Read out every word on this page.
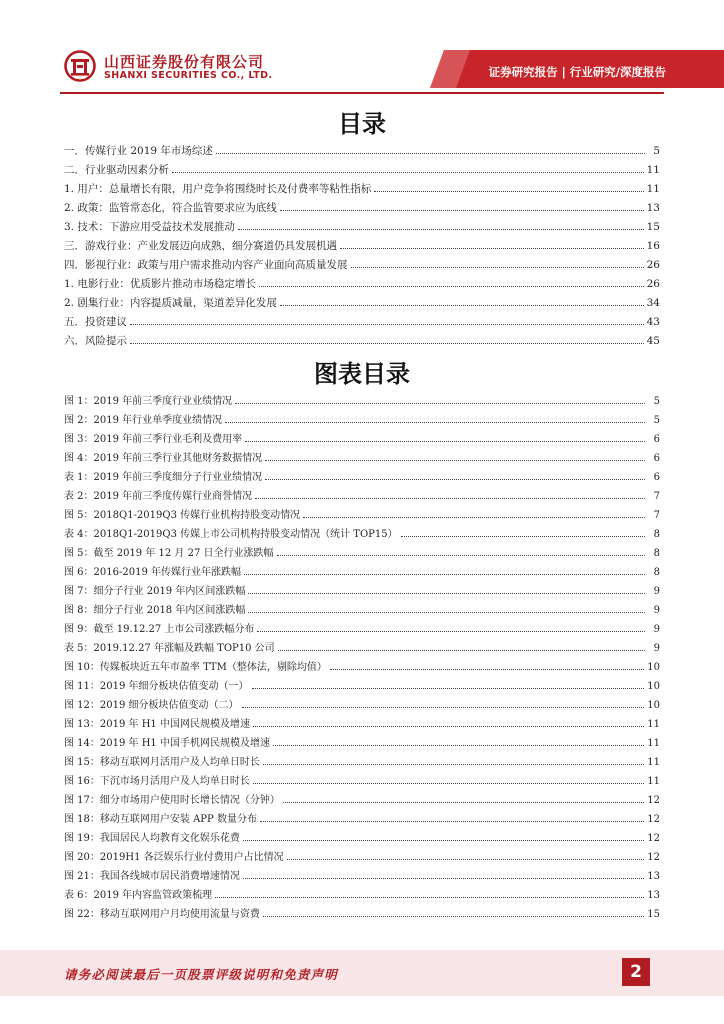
山西证券股份有限公司
SHANXI SECURITIES CO., LTD.	证券研究报告 | 行业研究/深度报告
目录
一．传媒行业 2019 年市场综述	5
二．行业驱动因素分析	11
1. 用户：总量增长有限，用户竞争将围绕时长及付费率等粘性指标	11
2. 政策：监管常态化，符合监管要求应为底线	13
3. 技术：下游应用受益技术发展推动	15
三．游戏行业：产业发展迈向成熟，细分赛道仍具发展机遇	16
四．影视行业：政策与用户需求推动内容产业面向高质量发展	26
1. 电影行业：优质影片推动市场稳定增长	26
2. 剧集行业：内容提质减量，渠道差异化发展	34
五．投资建议	43
六．风险提示	45
图表目录
图 1：2019 年前三季度行业业绩情况	5
图 2：2019 年行业单季度业绩情况	5
图 3：2019 年前三季行业毛利及费用率	6
图 4：2019 年前三季行业其他财务数据情况	6
表 1：2019 年前三季度细分子行业业绩情况	6
表 2：2019 年前三季度传媒行业商誉情况	7
图 5：2018Q1-2019Q3 传媒行业机构持股变动情况	7
表 4：2018Q1-2019Q3 传媒上市公司机构持股变动情况（统计 TOP15）	8
图 5：截至 2019 年 12 月 27 日全行业涨跌幅	8
图 6：2016-2019 年传媒行业年涨跌幅	8
图 7：细分子行业 2019 年内区间涨跌幅	9
图 8：细分子行业 2018 年内区间涨跌幅	9
图 9：截至 19.12.27 上市公司涨跌幅分布	9
表 5：2019.12.27 年涨幅及跌幅 TOP10 公司	9
图 10：传媒板块近五年市盈率 TTM（整体法，剔除均值）	10
图 11：2019 年细分板块估值变动（一）	10
图 12：2019 细分板块估值变动（二）	10
图 13：2019 年 H1 中国网民规模及增速	11
图 14：2019 年 H1 中国手机网民规模及增速	11
图 15：移动互联网月活用户及人均单日时长	11
图 16：下沉市场月活用户及人均单日时长	11
图 17：细分市场用户使用时长增长情况（分钟）	12
图 18：移动互联网用户安装 APP 数量分布	12
图 19：我国居民人均教育文化娱乐花费	12
图 20：2019H1 各泛娱乐行业付费用户占比情况	12
图 21：我国各线城市居民消费增速情况	13
表 6：2019 年内容监管政策梳理	13
图 22：移动互联网用户月均使用流量与资费	15
请务必阅读最后一页股票评级说明和免责声明	2
